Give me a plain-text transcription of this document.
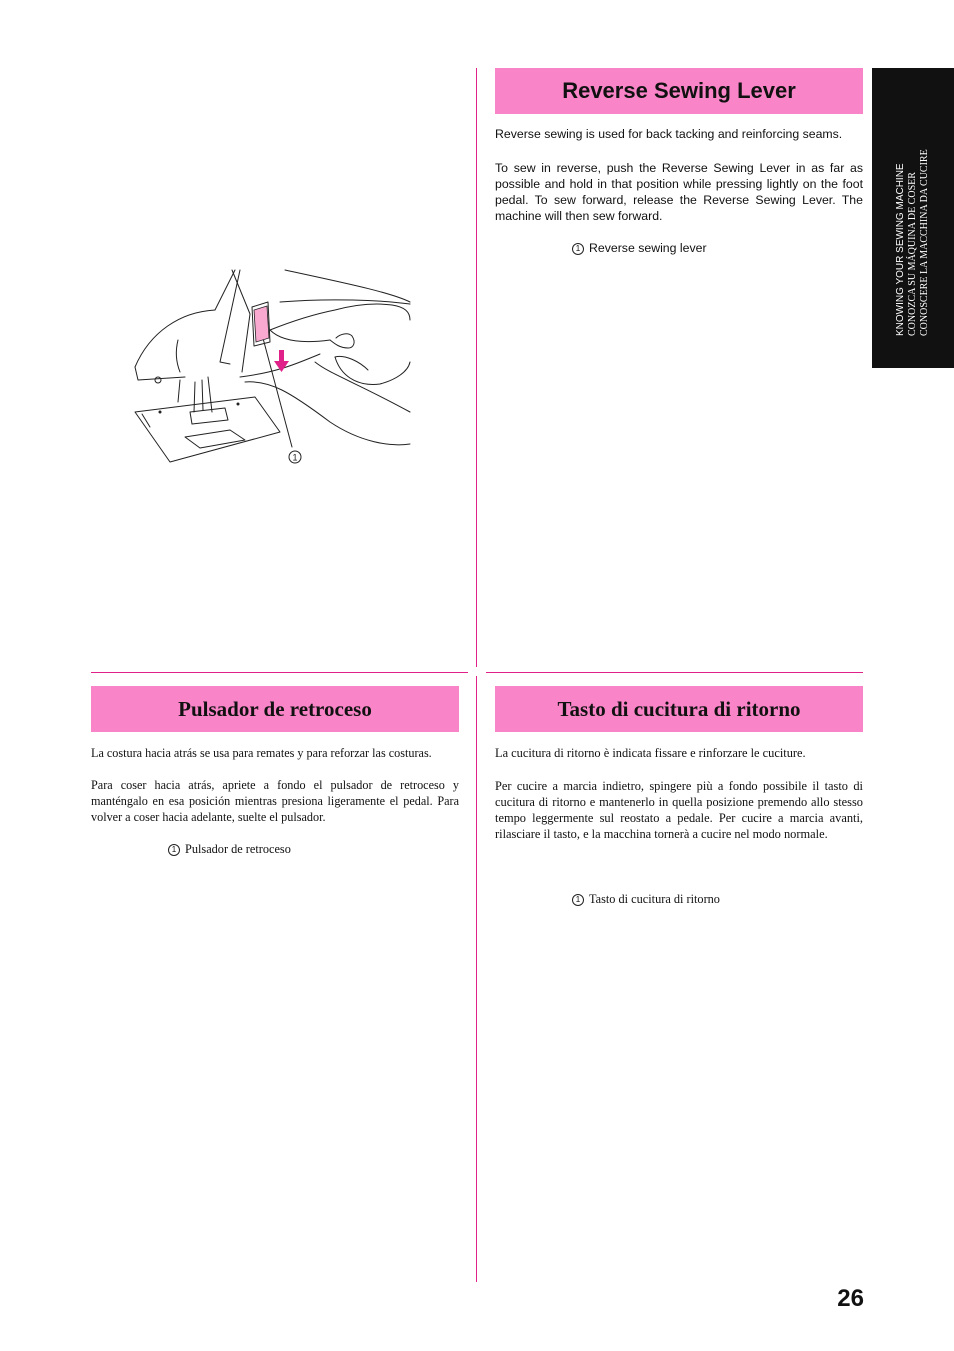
KNOWING YOUR SEWING MACHINE CONOZCA SU MÁQUINA DE COSER CONOSCERE LA MACCHINA DA CUCIRE
Reverse Sewing Lever
Reverse sewing is used for back tacking and reinforcing seams.
To sew in reverse, push the Reverse Sewing Lever in as far as possible and hold in that position while pressing lightly on the foot pedal. To sew forward, release the Reverse Sewing Lever. The machine will then sew forward.
1 Reverse sewing lever
1
Pulsador de retroceso
La costura hacia atrás se usa para remates y para reforzar las costuras.
Para coser hacia atrás, apriete a fondo el pulsador de retroceso y manténgalo en esa posición mientras presiona ligeramente el pedal. Para volver a coser hacia adelante, suelte el pulsador.
1 Pulsador de retroceso
Tasto di cucitura di ritorno
La cucitura di ritorno è indicata fissare e rinforzare le cuciture.
Per cucire a marcia indietro, spingere più a fondo possibile il tasto di cucitura di ritorno e mantenerlo in quella posizione premendo allo stesso tempo leggermente sul reostato a pedale. Per cucire a marcia avanti, rilasciare il tasto, e la macchina tornerà a cucire nel modo normale.
1 Tasto di cucitura di ritorno
26
